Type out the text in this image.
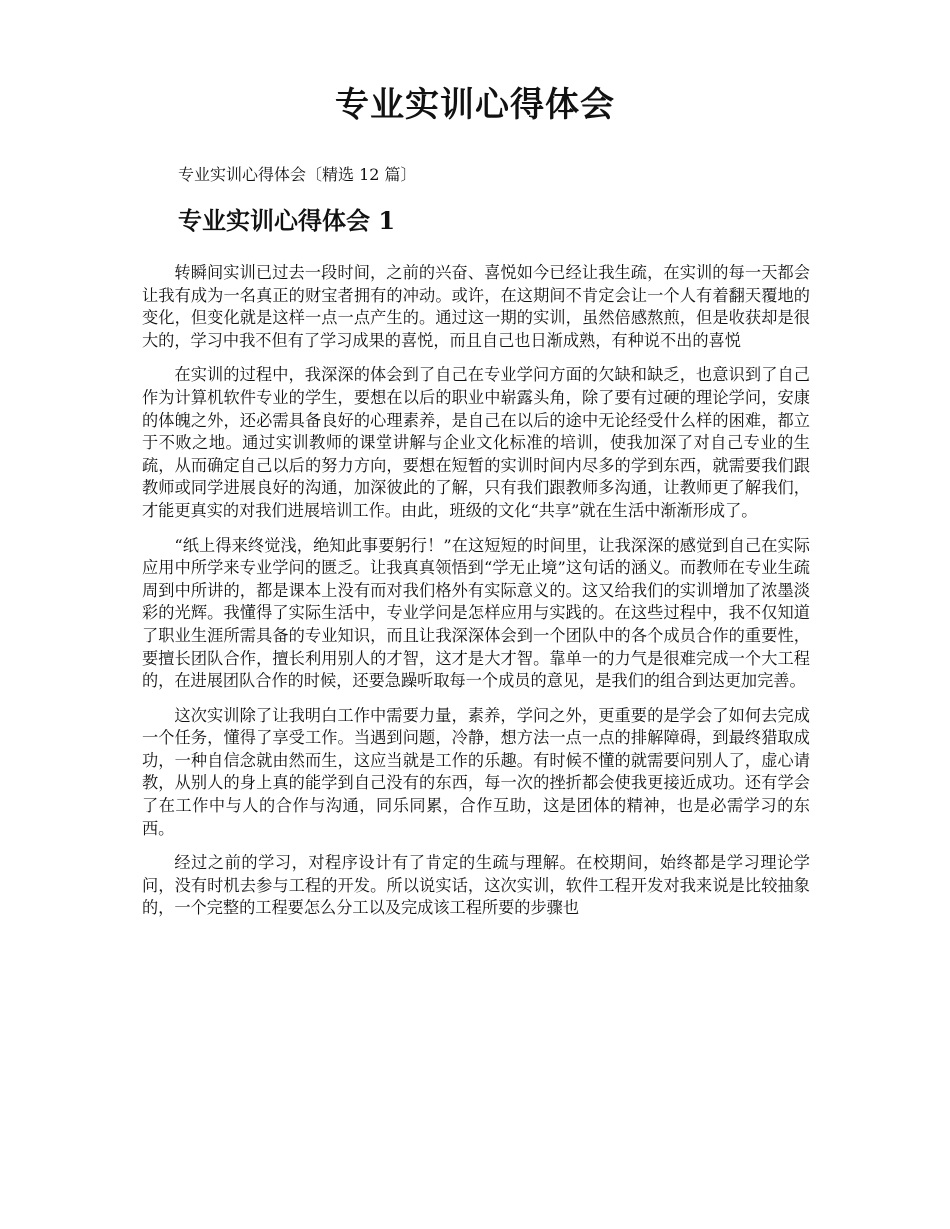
专业实训心得体会

专业实训心得体会〔精选 12 篇〕

专业实训心得体会 1

转瞬间实训已过去一段时间，之前的兴奋、喜悦如今已经让我生疏，在实训的每一天都会让我有成为一名真正的财宝者拥有的冲动。或许，在这期间不肯定会让一个人有着翻天覆地的变化，但变化就是这样一点一点产生的。通过这一期的实训，虽然倍感熬煎，但是收获却是很大的，学习中我不但有了学习成果的喜悦，而且自己也日渐成熟，有种说不出的喜悦

在实训的过程中，我深深的体会到了自己在专业学问方面的欠缺和缺乏，也意识到了自己作为计算机软件专业的学生，要想在以后的职业中崭露头角，除了要有过硬的理论学问，安康的体魄之外，还必需具备良好的心理素养，是自己在以后的途中无论经受什么样的困难，都立于不败之地。通过实训教师的课堂讲解与企业文化标准的培训，使我加深了对自己专业的生疏，从而确定自己以后的努力方向，要想在短暂的实训时间内尽多的学到东西，就需要我们跟教师或同学进展良好的沟通，加深彼此的了解，只有我们跟教师多沟通，让教师更了解我们，才能更真实的对我们进展培训工作。由此，班级的文化“共享”就在生活中渐渐形成了。

“纸上得来终觉浅，绝知此事要躬行！”在这短短的时间里，让我深深的感觉到自己在实际应用中所学来专业学问的匮乏。让我真真领悟到“学无止境”这句话的涵义。而教师在专业生疏周到中所讲的，都是课本上没有而对我们格外有实际意义的。这又给我们的实训增加了浓墨淡彩的光辉。我懂得了实际生活中，专业学问是怎样应用与实践的。在这些过程中，我不仅知道了职业生涯所需具备的专业知识，而且让我深深体会到一个团队中的各个成员合作的重要性，要擅长团队合作，擅长利用别人的才智，这才是大才智。靠单一的力气是很难完成一个大工程的，在进展团队合作的时候，还要急躁听取每一个成员的意见，是我们的组合到达更加完善。

这次实训除了让我明白工作中需要力量，素养，学问之外，更重要的是学会了如何去完成一个任务，懂得了享受工作。当遇到问题，冷静，想方法一点一点的排解障碍，到最终猎取成功，一种自信念就由然而生，这应当就是工作的乐趣。有时候不懂的就需要问别人了，虚心请教，从别人的身上真的能学到自己没有的东西，每一次的挫折都会使我更接近成功。还有学会了在工作中与人的合作与沟通，同乐同累，合作互助，这是团体的精神，也是必需学习的东西。

经过之前的学习，对程序设计有了肯定的生疏与理解。在校期间，始终都是学习理论学问，没有时机去参与工程的开发。所以说实话，这次实训，软件工程开发对我来说是比较抽象的，一个完整的工程要怎么分工以及完成该工程所要的步骤也
